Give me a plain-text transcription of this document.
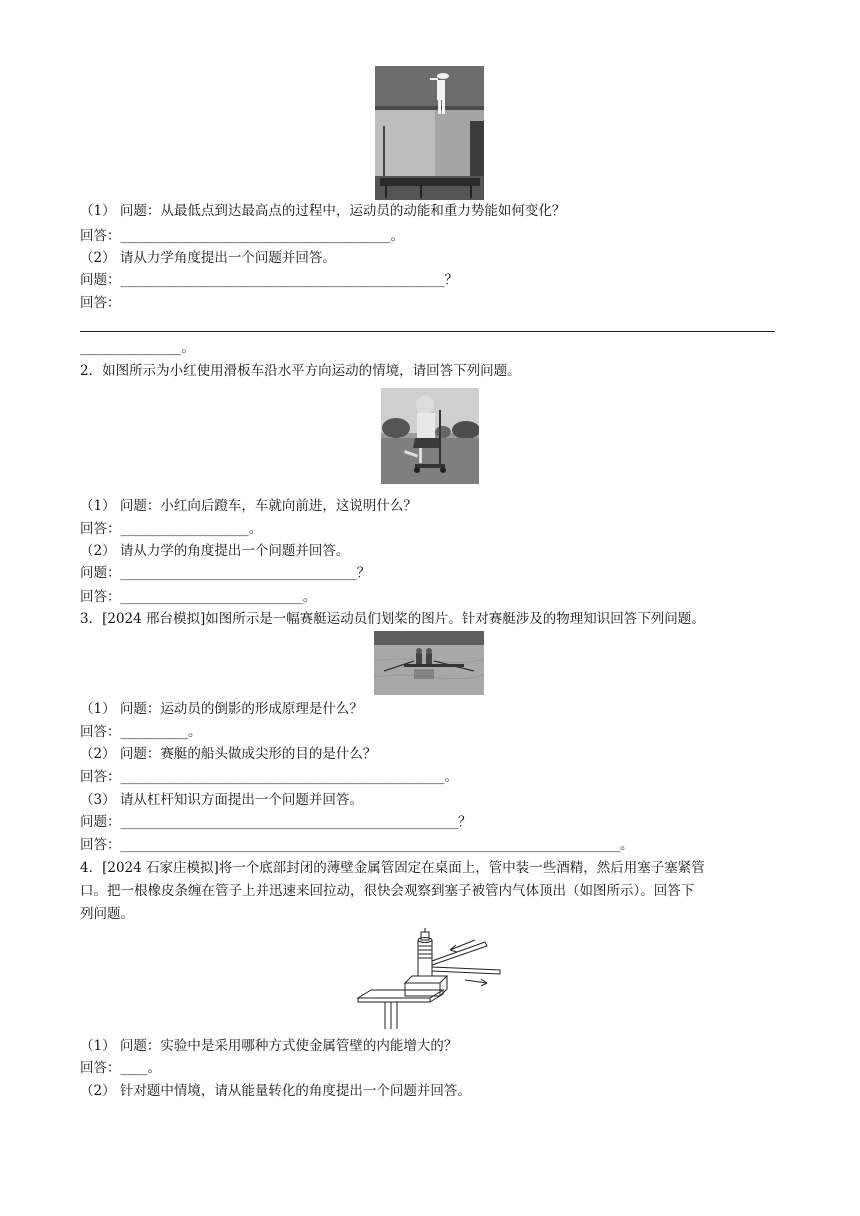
（1） 问题：从最低点到达最高点的过程中，运动员的动能和重力势能如何变化？
回答：________________________________________。
（2） 请从力学角度提出一个问题并回答。
问题：________________________________________________？
回答：
_______________。
2．如图所示为小红使用滑板车沿水平方向运动的情境，请回答下列问题。
（1） 问题：小红向后蹬车，车就向前进，这说明什么？
回答：___________________。
（2） 请从力学的角度提出一个问题并回答。
问题：___________________________________？
回答：___________________________。
3．[2024 邢台模拟]如图所示是一幅赛艇运动员们划桨的图片。针对赛艇涉及的物理知识回答下列问题。
（1） 问题：运动员的倒影的形成原理是什么？
回答：__________。
（2） 问题：赛艇的船头做成尖形的目的是什么？
回答：________________________________________________。
（3） 请从杠杆知识方面提出一个问题并回答。
问题：__________________________________________________？
回答：__________________________________________________________________________。
4．[2024 石家庄模拟]将一个底部封闭的薄壁金属管固定在桌面上，管中装一些酒精，然后用塞子塞紧管
口。把一根橡皮条缠在管子上并迅速来回拉动，很快会观察到塞子被管内气体顶出（如图所示）。回答下
列问题。
（1） 问题：实验中是采用哪种方式使金属管壁的内能增大的？
回答：____。
（2） 针对题中情境，请从能量转化的角度提出一个问题并回答。
